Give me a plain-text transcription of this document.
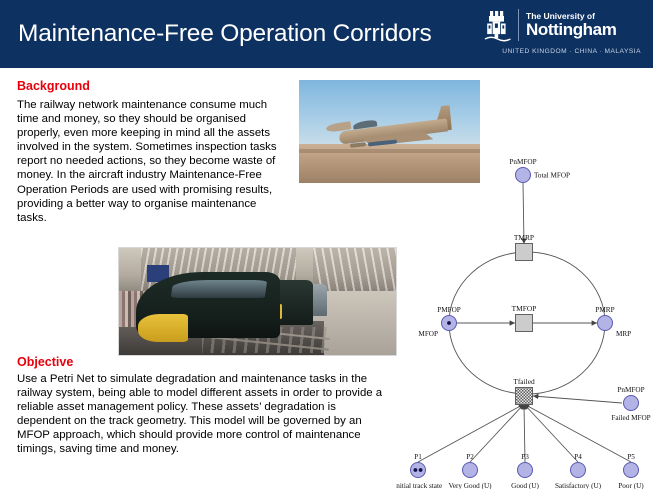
Maintenance-Free Operation Corridors
The University of
Nottingham
UNITED KINGDOM · CHINA · MALAYSIA
Background
The railway network maintenance consume much time and money, so they should be organised properly, even more keeping in mind all the assets involved in the system. Sometimes inspection tasks report no needed actions, so they become waste of money. In the aircraft industry Maintenance-Free Operation Periods are used with promising results, providing a better way to organise maintenance tasks.
Objective
Use a Petri Net to simulate degradation and maintenance tasks in the railway system, being able to model different assets in order to provide a reliable asset management policy. These assets’ degradation is dependent on the track geometry. This model will be governed by an MFOP approach, which should provide more control of maintenance timings, saving time and money.
TMRP
TMFOP
Tfailed
PnMFOP
Total MFOP
PMFOP
MFOP
PMRP
MRP
PnMFOP
Failed MFOP
P1
Initial track state
P2
Very Good (U)
P3
Good (U)
P4
Satisfactory (U)
P5
Poor (U)
